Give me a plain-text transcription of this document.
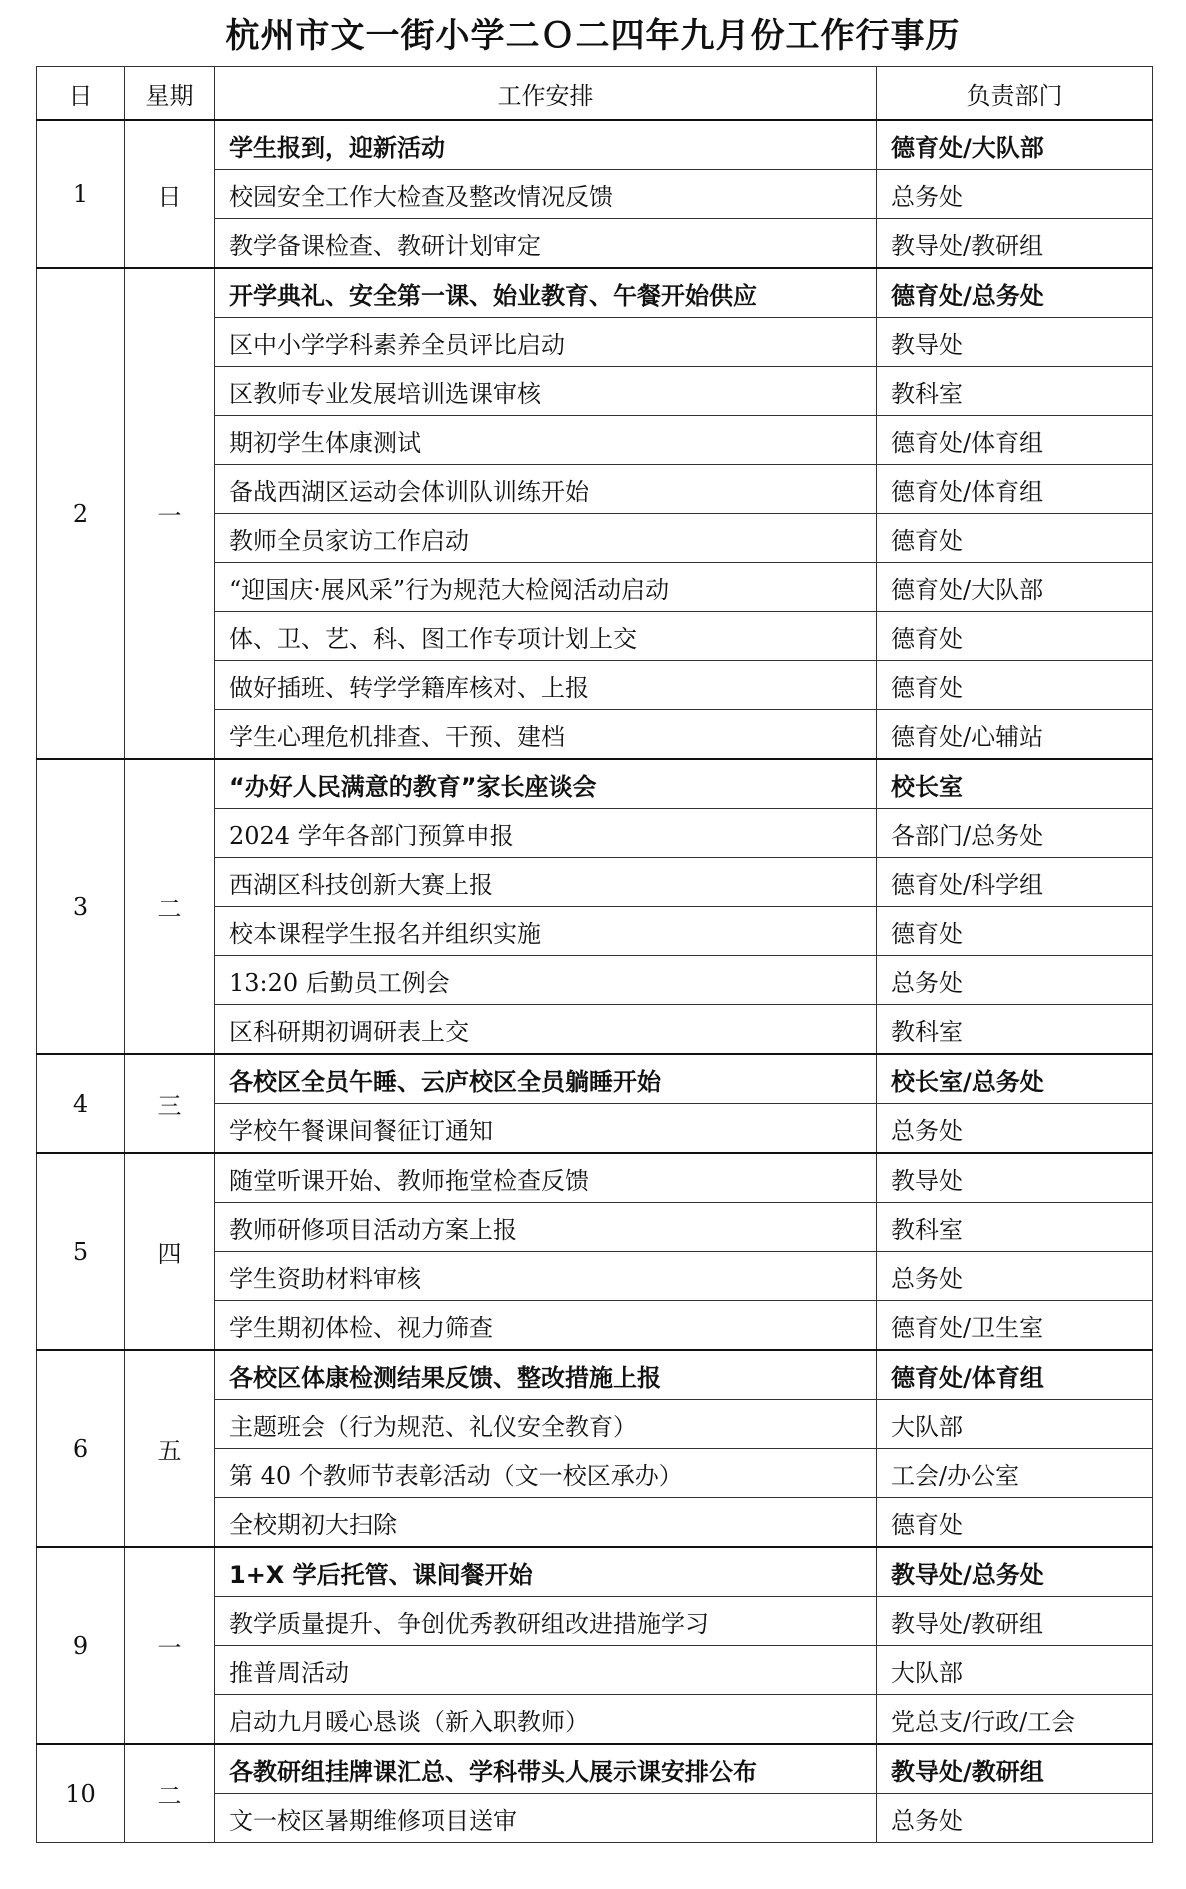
杭州市文一街小学二Ｏ二四年九月份工作行事历
日	星期	工作安排	负责部门
1	日	学生报到，迎新活动	德育处/大队部
		校园安全工作大检查及整改情况反馈	总务处
		教学备课检查、教研计划审定	教导处/教研组
2	一	开学典礼、安全第一课、始业教育、午餐开始供应	德育处/总务处
		区中小学学科素养全员评比启动	教导处
		区教师专业发展培训选课审核	教科室
		期初学生体康测试	德育处/体育组
		备战西湖区运动会体训队训练开始	德育处/体育组
		教师全员家访工作启动	德育处
		“迎国庆·展风采”行为规范大检阅活动启动	德育处/大队部
		体、卫、艺、科、图工作专项计划上交	德育处
		做好插班、转学学籍库核对、上报	德育处
		学生心理危机排查、干预、建档	德育处/心辅站
3	二	“办好人民满意的教育”家长座谈会	校长室
		2024 学年各部门预算申报	各部门/总务处
		西湖区科技创新大赛上报	德育处/科学组
		校本课程学生报名并组织实施	德育处
		13:20 后勤员工例会	总务处
		区科研期初调研表上交	教科室
4	三	各校区全员午睡、云庐校区全员躺睡开始	校长室/总务处
		学校午餐课间餐征订通知	总务处
5	四	随堂听课开始、教师拖堂检查反馈	教导处
		教师研修项目活动方案上报	教科室
		学生资助材料审核	总务处
		学生期初体检、视力筛查	德育处/卫生室
6	五	各校区体康检测结果反馈、整改措施上报	德育处/体育组
		主题班会（行为规范、礼仪安全教育）	大队部
		第 40 个教师节表彰活动（文一校区承办）	工会/办公室
		全校期初大扫除	德育处
9	一	1+X 学后托管、课间餐开始	教导处/总务处
		教学质量提升、争创优秀教研组改进措施学习	教导处/教研组
		推普周活动	大队部
		启动九月暖心恳谈（新入职教师）	党总支/行政/工会
10	二	各教研组挂牌课汇总、学科带头人展示课安排公布	教导处/教研组
		文一校区暑期维修项目送审	总务处
